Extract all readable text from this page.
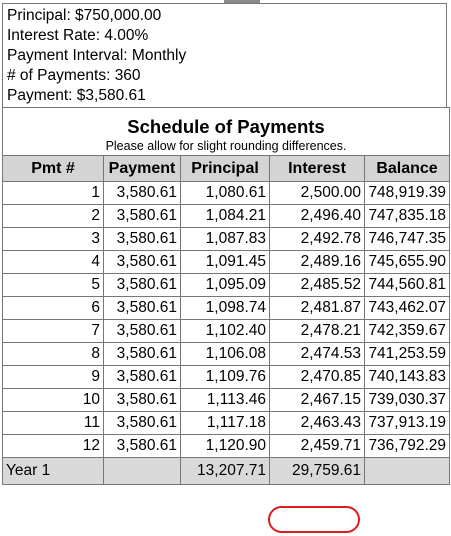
Principal: $750,000.00
Interest Rate: 4.00%
Payment Interval: Monthly
# of Payments: 360
Payment: $3,580.61
Schedule of Payments
Please allow for slight rounding differences.				

Pmt #	Payment	Principal	Interest	Balance
1	3,580.61	1,080.61	2,500.00	748,919.39
2	3,580.61	1,084.21	2,496.40	747,835.18
3	3,580.61	1,087.83	2,492.78	746,747.35
4	3,580.61	1,091.45	2,489.16	745,655.90
5	3,580.61	1,095.09	2,485.52	744,560.81
6	3,580.61	1,098.74	2,481.87	743,462.07
7	3,580.61	1,102.40	2,478.21	742,359.67
8	3,580.61	1,106.08	2,474.53	741,253.59
9	3,580.61	1,109.76	2,470.85	740,143.83
10	3,580.61	1,113.46	2,467.15	739,030.37
11	3,580.61	1,117.18	2,463.43	737,913.19
12	3,580.61	1,120.90	2,459.71	736,792.29
Year 1		13,207.71	29,759.61	
